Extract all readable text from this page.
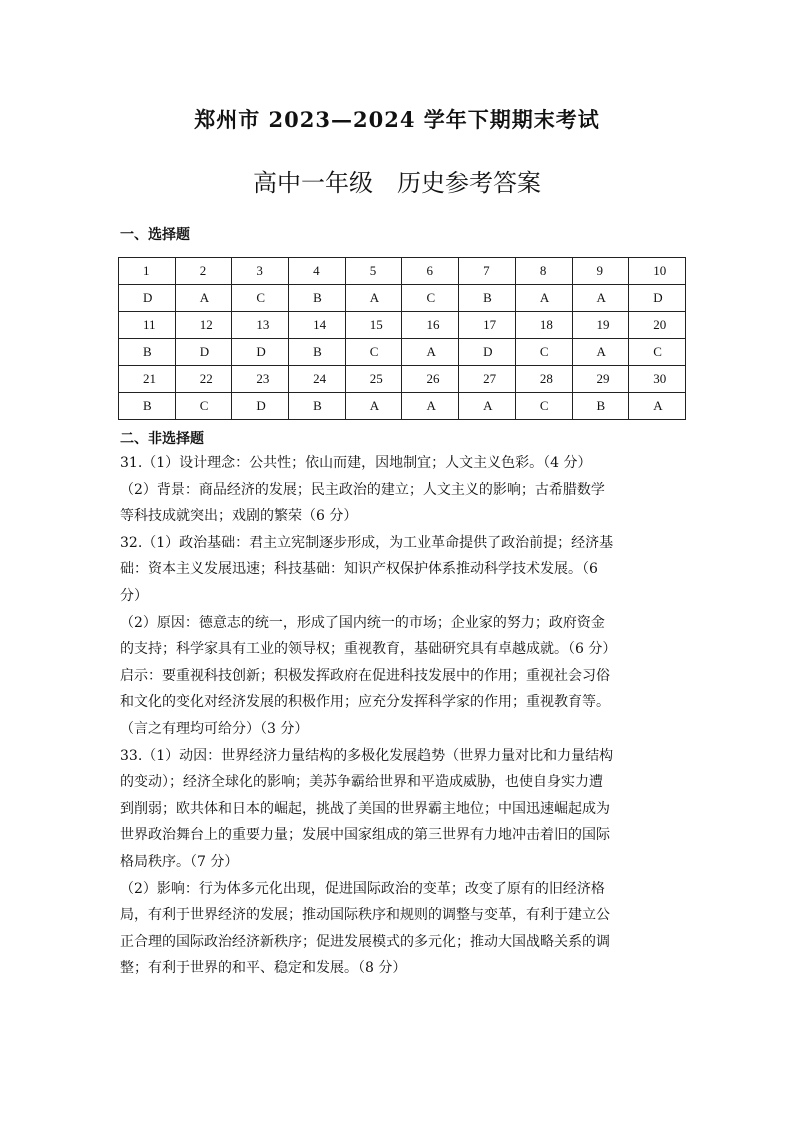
郑州市 2023—2024 学年下期期末考试
高中一年级　历史参考答案
一、选择题
1	2	3	4	5	6	7	8	9	10
D	A	C	B	A	C	B	A	A	D
11	12	13	14	15	16	17	18	19	20
B	D	D	B	C	A	D	C	A	C
21	22	23	24	25	26	27	28	29	30
B	C	D	B	A	A	A	C	B	A
二、非选择题
31.（1）设计理念：公共性；依山而建，因地制宜；人文主义色彩。（4 分）
（2）背景：商品经济的发展；民主政治的建立；人文主义的影响；古希腊数学
等科技成就突出；戏剧的繁荣（6 分）
32.（1）政治基础：君主立宪制逐步形成，为工业革命提供了政治前提；经济基
础：资本主义发展迅速；科技基础：知识产权保护体系推动科学技术发展。（6
分）
（2）原因：德意志的统一，形成了国内统一的市场；企业家的努力；政府资金
的支持；科学家具有工业的领导权；重视教育，基础研究具有卓越成就。（6 分）
启示：要重视科技创新；积极发挥政府在促进科技发展中的作用；重视社会习俗
和文化的变化对经济发展的积极作用；应充分发挥科学家的作用；重视教育等。
（言之有理均可给分）（3 分）
33.（1）动因：世界经济力量结构的多极化发展趋势（世界力量对比和力量结构
的变动）；经济全球化的影响；美苏争霸给世界和平造成威胁，也使自身实力遭
到削弱；欧共体和日本的崛起，挑战了美国的世界霸主地位；中国迅速崛起成为
世界政治舞台上的重要力量；发展中国家组成的第三世界有力地冲击着旧的国际
格局秩序。（7 分）
（2）影响：行为体多元化出现，促进国际政治的变革；改变了原有的旧经济格
局，有利于世界经济的发展；推动国际秩序和规则的调整与变革，有利于建立公
正合理的国际政治经济新秩序；促进发展模式的多元化；推动大国战略关系的调
整；有利于世界的和平、稳定和发展。（8 分）
